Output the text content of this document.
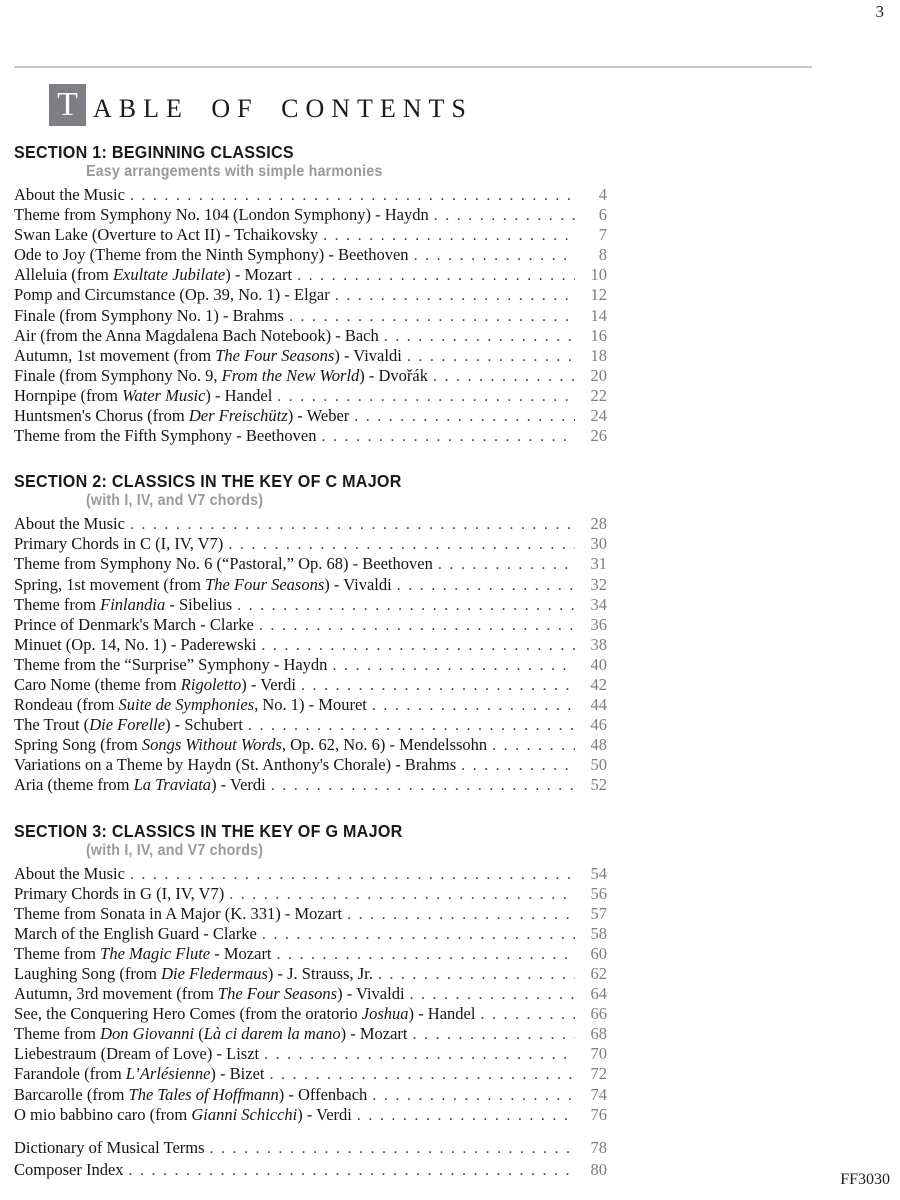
3
T ABLE OF CONTENTS
SECTION 1: BEGINNING CLASSICS
Easy arrangements with simple harmonies
About the Music . . .	4
Theme from Symphony No. 104 (London Symphony) - Haydn . . .	6
Swan Lake (Overture to Act II) - Tchaikovsky . . .	7
Ode to Joy (Theme from the Ninth Symphony) - Beethoven . . .	8
Alleluia (from Exultate Jubilate) - Mozart . . .	10
Pomp and Circumstance (Op. 39, No. 1) - Elgar . . .	12
Finale (from Symphony No. 1) - Brahms . . .	14
Air (from the Anna Magdalena Bach Notebook) - Bach . . .	16
Autumn, 1st movement (from The Four Seasons) - Vivaldi . . .	18
Finale (from Symphony No. 9, From the New World) - Dvořák . . .	20
Hornpipe (from Water Music) - Handel . . .	22
Huntsmen's Chorus (from Der Freischütz) - Weber . . .	24
Theme from the Fifth Symphony - Beethoven . . .	26
SECTION 2: CLASSICS IN THE KEY OF C MAJOR
(with I, IV, and V7 chords)
About the Music . . .	28
Primary Chords in C (I, IV, V7) . . .	30
Theme from Symphony No. 6 (“Pastoral,” Op. 68) - Beethoven . . .	31
Spring, 1st movement (from The Four Seasons) - Vivaldi . . .	32
Theme from Finlandia - Sibelius . . .	34
Prince of Denmark's March - Clarke . . .	36
Minuet (Op. 14, No. 1) - Paderewski . . .	38
Theme from the “Surprise” Symphony - Haydn . . .	40
Caro Nome (theme from Rigoletto) - Verdi . . .	42
Rondeau (from Suite de Symphonies, No. 1) - Mouret . . .	44
The Trout (Die Forelle) - Schubert . . .	46
Spring Song (from Songs Without Words, Op. 62, No. 6) - Mendelssohn . . .	48
Variations on a Theme by Haydn (St. Anthony's Chorale) - Brahms . . .	50
Aria (theme from La Traviata) - Verdi . . .	52
SECTION 3: CLASSICS IN THE KEY OF G MAJOR
(with I, IV, and V7 chords)
About the Music . . .	54
Primary Chords in G (I, IV, V7) . . .	56
Theme from Sonata in A Major (K. 331) - Mozart . . .	57
March of the English Guard - Clarke . . .	58
Theme from The Magic Flute - Mozart . . .	60
Laughing Song (from Die Fledermaus) - J. Strauss, Jr. . . .	62
Autumn, 3rd movement (from The Four Seasons) - Vivaldi . . .	64
See, the Conquering Hero Comes (from the oratorio Joshua) - Handel . . .	66
Theme from Don Giovanni (Là ci darem la mano) - Mozart . . .	68
Liebestraum (Dream of Love) - Liszt . . .	70
Farandole (from L’Arlésienne) - Bizet . . .	72
Barcarolle (from The Tales of Hoffmann) - Offenbach . . .	74
O mio babbino caro (from Gianni Schicchi) - Verdi . . .	76
Dictionary of Musical Terms . . .	78
Composer Index . . .	80
FF3030
